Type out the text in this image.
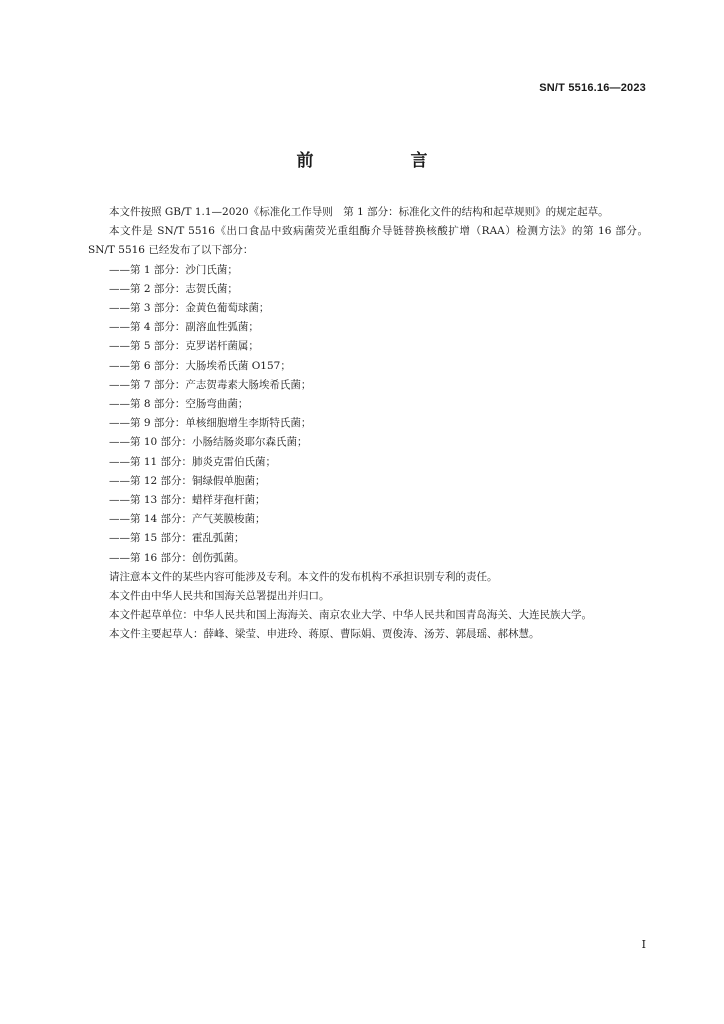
SN/T 5516.16—2023
前　言

本文件按照 GB/T 1.1—2020《标准化工作导则　第 1 部分：标准化文件的结构和起草规则》的规定起草。

本文件是 SN/T 5516《出口食品中致病菌荧光重组酶介导链替换核酸扩增（RAA）检测方法》的第 16 部分。SN/T 5516 已经发布了以下部分：

——第 1 部分：沙门氏菌；
——第 2 部分：志贺氏菌；
——第 3 部分：金黄色葡萄球菌；
——第 4 部分：副溶血性弧菌；
——第 5 部分：克罗诺杆菌属；
——第 6 部分：大肠埃希氏菌 O157；
——第 7 部分：产志贺毒素大肠埃希氏菌；
——第 8 部分：空肠弯曲菌；
——第 9 部分：单核细胞增生李斯特氏菌；
——第 10 部分：小肠结肠炎耶尔森氏菌；
——第 11 部分：肺炎克雷伯氏菌；
——第 12 部分：铜绿假单胞菌；
——第 13 部分：蜡样芽孢杆菌；
——第 14 部分：产气荚膜梭菌；
——第 15 部分：霍乱弧菌；
——第 16 部分：创伤弧菌。

请注意本文件的某些内容可能涉及专利。本文件的发布机构不承担识别专利的责任。

本文件由中华人民共和国海关总署提出并归口。

本文件起草单位：中华人民共和国上海海关、南京农业大学、中华人民共和国青岛海关、大连民族大学。

本文件主要起草人：薛峰、梁莹、申进玲、蒋原、曹际娟、贾俊涛、汤芳、郭晨瑶、郝林慧。

I
